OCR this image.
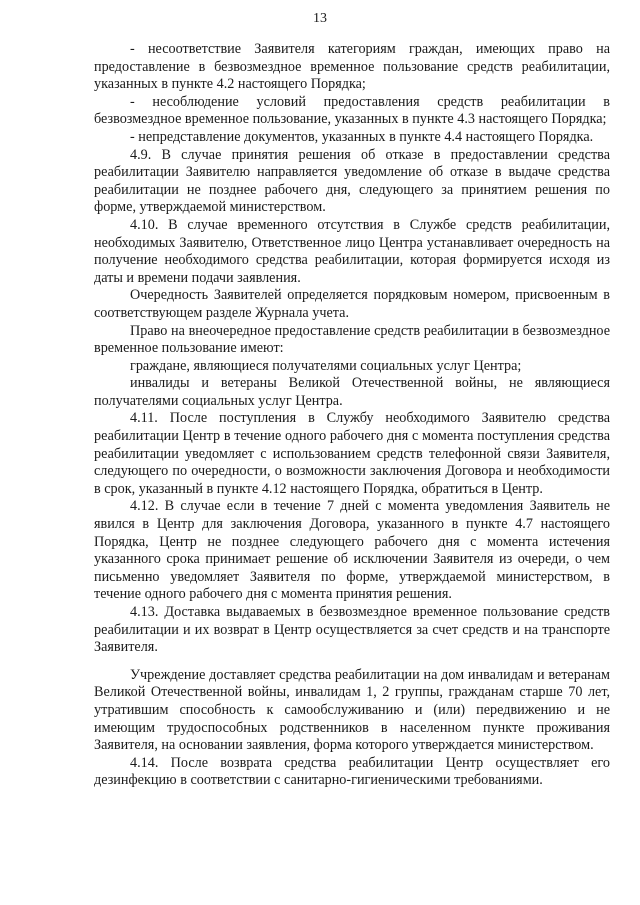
13

- несоответствие Заявителя категориям граждан, имеющих право на предоставление в безвозмездное временное пользование средств реабилитации, указанных в пункте 4.2 настоящего Порядка;

- несоблюдение условий предоставления средств реабилитации в безвозмездное временное пользование, указанных в пункте 4.3 настоящего Порядка;

- непредставление документов, указанных в пункте 4.4 настоящего Порядка.

4.9. В случае принятия решения об отказе в предоставлении средства реабилитации Заявителю направляется уведомление об отказе в выдаче средства реабилитации не позднее рабочего дня, следующего за принятием решения по форме, утверждаемой министерством.

4.10. В случае временного отсутствия в Службе средств реабилитации, необходимых Заявителю, Ответственное лицо Центра устанавливает очередность на получение необходимого средства реабилитации, которая формируется исходя из даты и времени подачи заявления.

Очередность Заявителей определяется порядковым номером, присвоенным в соответствующем разделе Журнала учета.

Право на внеочередное предоставление средств реабилитации в безвозмездное временное пользование имеют:

граждане, являющиеся получателями социальных услуг Центра;

инвалиды и ветераны Великой Отечественной войны, не являющиеся получателями социальных услуг Центра.

4.11. После поступления в Службу необходимого Заявителю средства реабилитации Центр в течение одного рабочего дня с момента поступления средства реабилитации уведомляет с использованием средств телефонной связи Заявителя, следующего по очередности, о возможности заключения Договора и необходимости в срок, указанный в пункте 4.12 настоящего Порядка, обратиться в Центр.

4.12. В случае если в течение 7 дней с момента уведомления Заявитель не явился в Центр для заключения Договора, указанного в пункте 4.7 настоящего Порядка, Центр не позднее следующего рабочего дня с момента истечения указанного срока принимает решение об исключении Заявителя из очереди, о чем письменно уведомляет Заявителя по форме, утверждаемой министерством, в течение одного рабочего дня с момента принятия решения.

4.13. Доставка выдаваемых в безвозмездное временное пользование средств реабилитации и их возврат в Центр осуществляется за счет средств и на транспорте Заявителя.

Учреждение доставляет средства реабилитации на дом инвалидам и ветеранам Великой Отечественной войны, инвалидам 1, 2 группы, гражданам старше 70 лет, утратившим способность к самообслуживанию и (или) передвижению и не имеющим трудоспособных родственников в населенном пункте проживания Заявителя, на основании заявления, форма которого утверждается министерством.

4.14. После возврата средства реабилитации Центр осуществляет его дезинфекцию в соответствии с санитарно-гигиеническими требованиями.
